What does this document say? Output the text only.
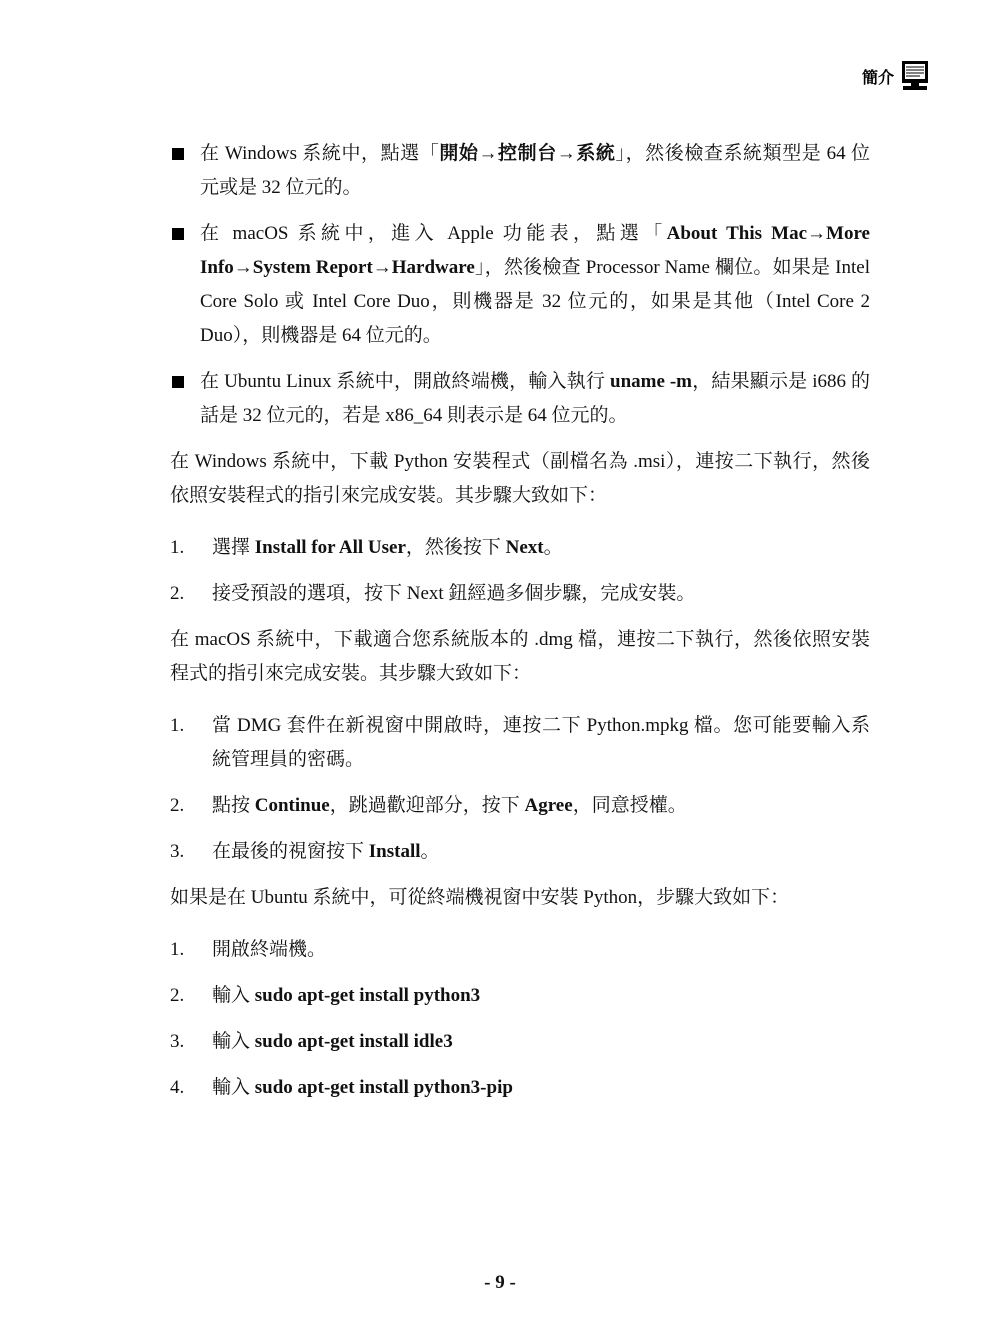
簡介
在 Windows 系統中，點選「開始→控制台→系統」，然後檢查系統類型是 64 位元或是 32 位元的。
在 macOS 系統中，進入 Apple 功能表，點選「About This Mac→More Info→System Report→Hardware」，然後檢查 Processor Name 欄位。如果是 Intel Core Solo 或 Intel Core Duo，則機器是 32 位元的，如果是其他（Intel Core 2 Duo），則機器是 64 位元的。
在 Ubuntu Linux 系統中，開啟終端機，輸入執行 uname -m，結果顯示是 i686 的話是 32 位元的，若是 x86_64 則表示是 64 位元的。

在 Windows 系統中，下載 Python 安裝程式（副檔名為 .msi），連按二下執行，然後依照安裝程式的指引來完成安裝。其步驟大致如下：

1. 選擇 Install for All User，然後按下 Next。
2. 接受預設的選項，按下 Next 鈕經過多個步驟，完成安裝。

在 macOS 系統中，下載適合您系統版本的 .dmg 檔，連按二下執行，然後依照安裝程式的指引來完成安裝。其步驟大致如下：

1. 當 DMG 套件在新視窗中開啟時，連按二下 Python.mpkg 檔。您可能要輸入系統管理員的密碼。
2. 點按 Continue，跳過歡迎部分，按下 Agree，同意授權。
3. 在最後的視窗按下 Install。

如果是在 Ubuntu 系統中，可從終端機視窗中安裝 Python，步驟大致如下：

1. 開啟終端機。
2. 輸入 sudo apt-get install python3
3. 輸入 sudo apt-get install idle3
4. 輸入 sudo apt-get install python3-pip
- 9 -
